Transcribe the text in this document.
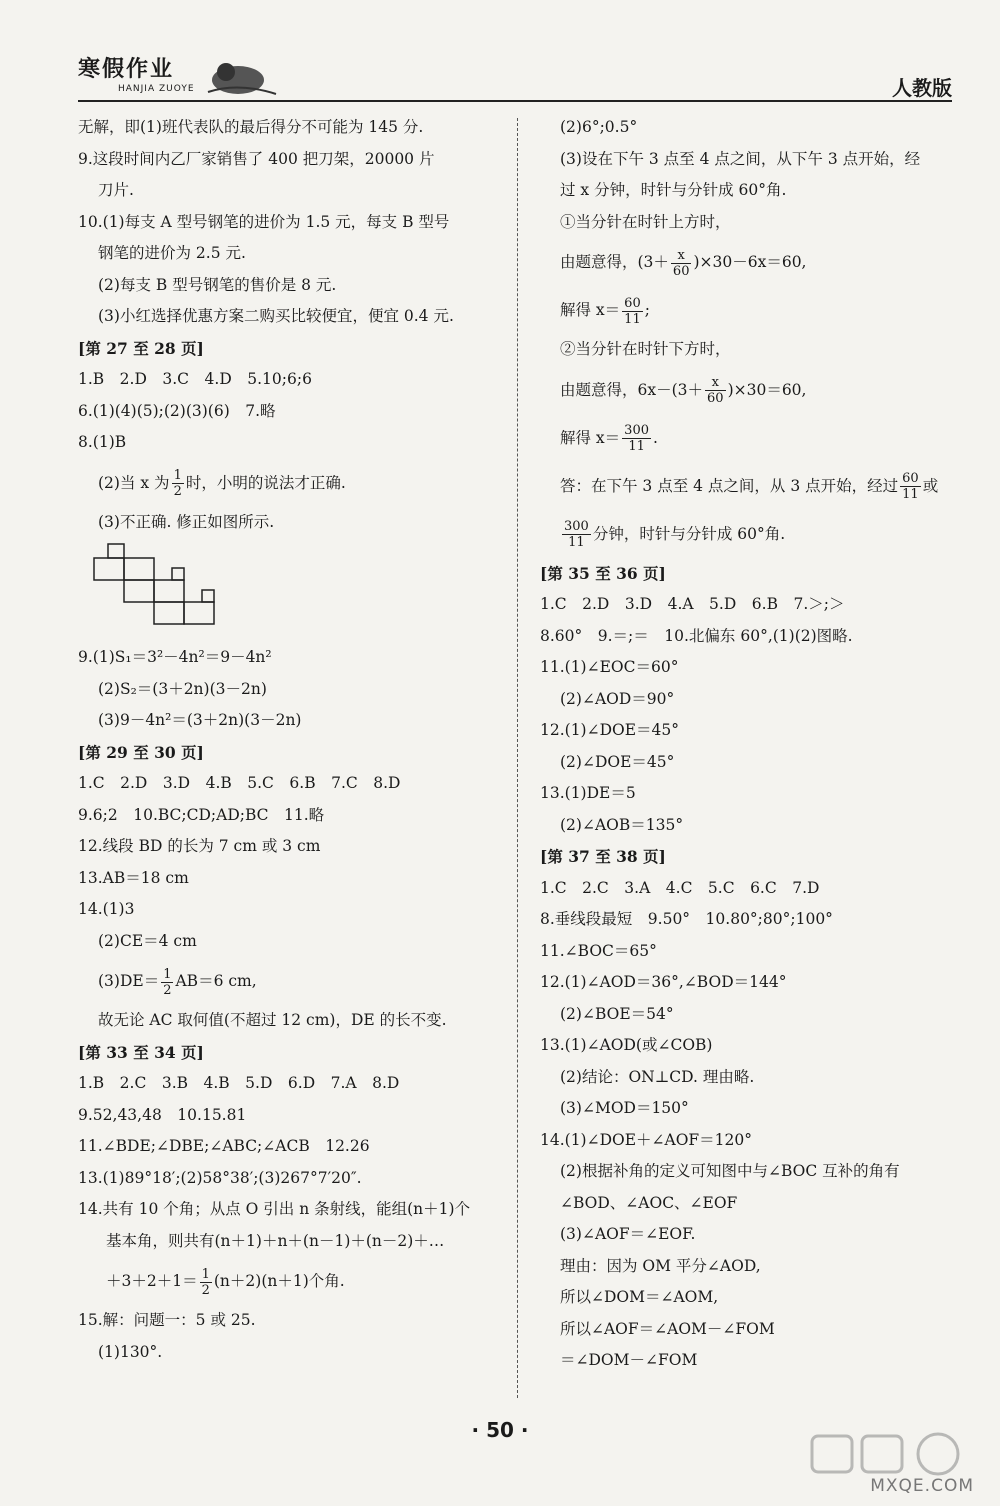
寒假作业
HANJIA ZUOYE	人教版
无解，即(1)班代表队的最后得分不可能为 145 分.
9.这段时间内乙厂家销售了 400 把刀架，20000 片
刀片.
10.(1)每支 A 型号钢笔的进价为 1.5 元，每支 B 型号
钢笔的进价为 2.5 元.
(2)每支 B 型号钢笔的售价是 8 元.
(3)小红选择优惠方案二购买比较便宜，便宜 0.4 元.
[第 27 至 28 页]
1.B　2.D　3.C　4.D　5.10;6;6
6.(1)(4)(5);(2)(3)(6)　7.略
8.(1)B
(2)当 x 为 $\frac{1}{2}$ 时，小明的说法才正确.
(3)不正确. 修正如图所示.
9.(1)S₁＝3²－4n²＝9－4n²
(2)S₂＝(3＋2n)(3－2n)
(3)9－4n²＝(3＋2n)(3－2n)
[第 29 至 30 页]
1.C　2.D　3.D　4.B　5.C　6.B　7.C　8.D
9.6;2　10.BC;CD;AD;BC　11.略
12.线段 BD 的长为 7 cm 或 3 cm
13.AB＝18 cm
14.(1)3
(2)CE＝4 cm
$(3)DE= \frac{1}{2} AB=6$ cm,
故无论 AC 取何值(不超过 12 cm)，DE 的长不变.
[第 33 至 34 页]
1.B　2.C　3.B　4.B　5.D　6.D　7.A　8.D
9.52,43,48　10.15.81
11.∠BDE;∠DBE;∠ABC;∠ACB　12.26
13.(1)89°18′;(2)58°38′;(3)267°7′20″.
14.共有 10 个角；从点 O 引出 n 条射线，能组(n＋1)个
基本角，则共有(n＋1)＋n＋(n－1)＋(n－2)＋…
$+3+2+1= \frac{1}{2} (n+2)(n+1)$个角.
15.解：问题一：5 或 25.
(1)130°.
(2)6°;0.5°
(3)设在下午 3 点至 4 点之间，从下午 3 点开始，经
过 x 分钟，时针与分针成 60°角.
①当分针在时针上方时，
由题意得，$(3+ \frac{x}{60} )\times 30-6x=60$,
解得 $x= \frac{60}{11}$ ;
②当分针在时针下方时，
由题意得，$6x-(3+ \frac{x}{60} )\times 30=60$,
解得 $x= \frac{300}{11}$ .
答：在下午 3 点至 4 点之间，从 3 点开始，经过 $\frac{60}{11}$ 或
$\frac{300}{11}$ 分钟，时针与分针成 60°角.
[第 35 至 36 页]
1.C　2.D　3.D　4.A　5.D　6.B　7.＞;＞
8.60°　9.＝;＝　10.北偏东 60°,(1)(2)图略.
11.(1)∠EOC＝60°
(2)∠AOD＝90°
12.(1)∠DOE＝45°
(2)∠DOE＝45°
13.(1)DE＝5
(2)∠AOB＝135°
[第 37 至 38 页]
1.C　2.C　3.A　4.C　5.C　6.C　7.D
8.垂线段最短　9.50°　10.80°;80°;100°
11.∠BOC＝65°
12.(1)∠AOD＝36°,∠BOD＝144°
(2)∠BOE＝54°
13.(1)∠AOD(或∠COB)
(2)结论：ON⊥CD. 理由略.
(3)∠MOD＝150°
14.(1)∠DOE＋∠AOF＝120°
(2)根据补角的定义可知图中与∠BOC 互补的角有
∠BOD、∠AOC、∠EOF
(3)∠AOF＝∠EOF.
理由：因为 OM 平分∠AOD,
所以∠DOM＝∠AOM,
所以∠AOF＝∠AOM－∠FOM
＝∠DOM－∠FOM
· 50 ·
MXQE.COM
